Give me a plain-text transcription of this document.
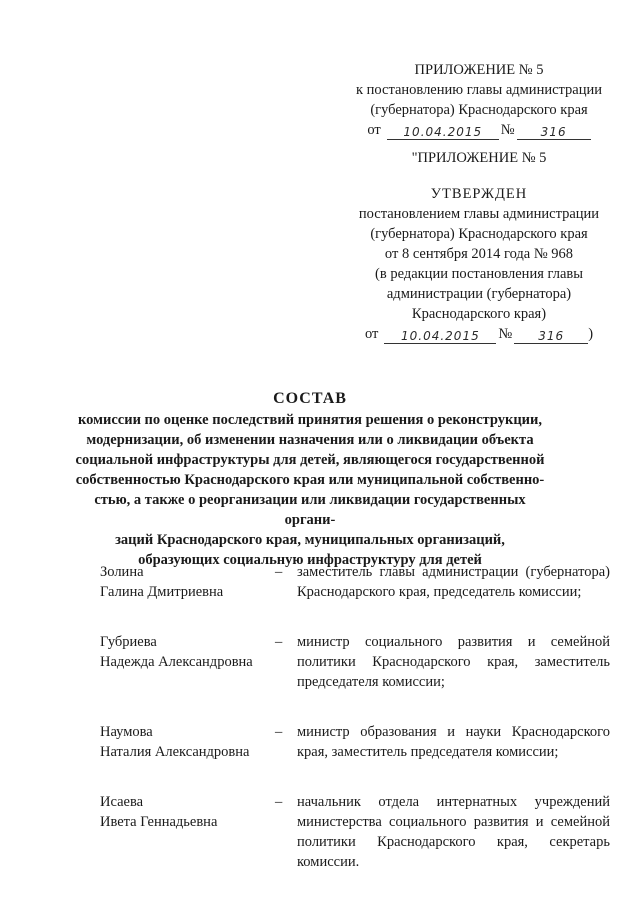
ПРИЛОЖЕНИЕ № 5
к постановлению главы администрации
(губернатора) Краснодарского края
от	10.04.2015	№	316
"ПРИЛОЖЕНИЕ № 5
УТВЕРЖДЕН
постановлением главы администрации
(губернатора) Краснодарского края
от 8 сентября 2014 года № 968
(в редакции постановления главы
администрации (губернатора)
Краснодарского края)
от	10.04.2015	№	316	)
СОСТАВ
комиссии по оценке последствий принятия решения о реконструкции,
модернизации, об изменении назначения или о ликвидации объекта
социальной инфраструктуры для детей, являющегося государственной
собственностью Краснодарского края или муниципальной собственно-
стью, а также о реорганизации или ликвидации государственных органи-
заций Краснодарского края, муниципальных организаций,
образующих социальную инфраструктуру для детей
Золина
Галина Дмитриевна
–	заместитель главы администрации (губернатора) Краснодарского края, председатель комиссии;
Губриева
Надежда Александровна
–	министр социального развития и семейной политики Краснодарского края, заместитель председателя комиссии;
Наумова
Наталия Александровна
–	министр образования и науки Краснодарского края, заместитель председателя комиссии;
Исаева
Ивета Геннадьевна
–	начальник отдела интернатных учреждений министерства социального развития и семейной политики Краснодарского края, секретарь комиссии.
